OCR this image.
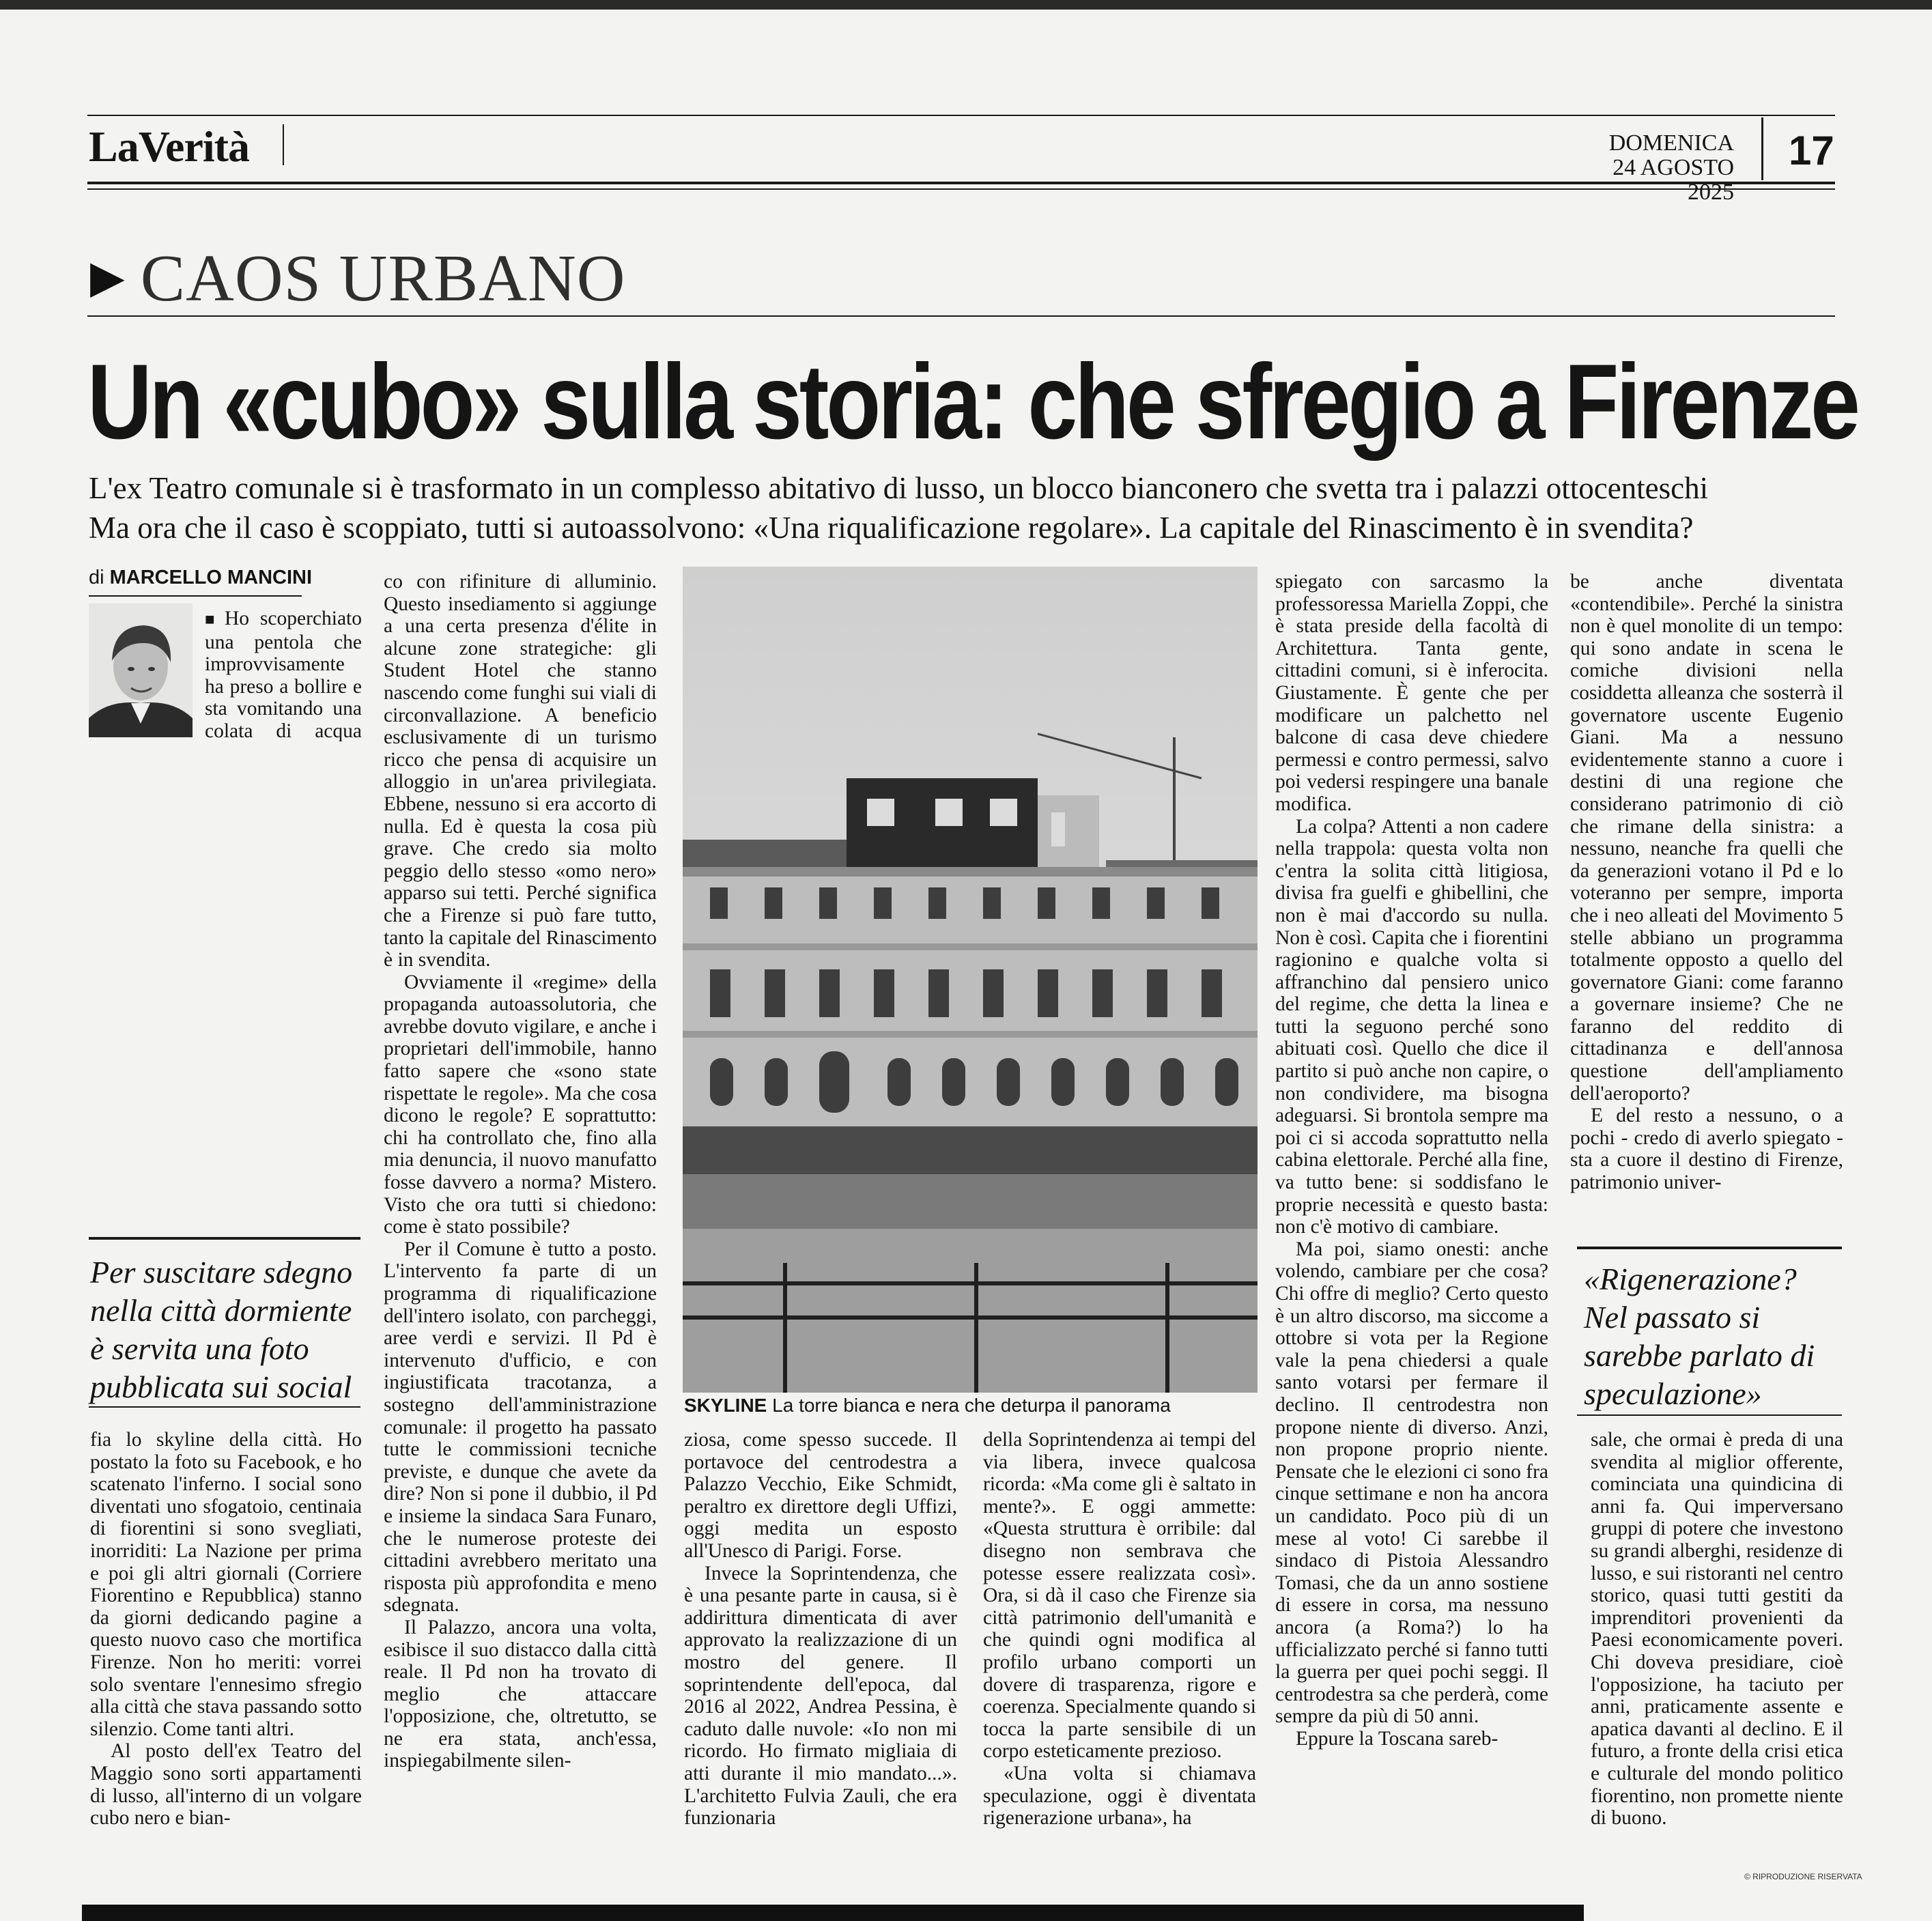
LaVerità	DOMENICA
24 AGOSTO 2025
17
▶ CAOS URBANO
Un «cubo» sulla storia: che sfregio a Firenze
L'ex Teatro comunale si è trasformato in un complesso abitativo di lusso, un blocco bianconero che svetta tra i palazzi ottocenteschi
Ma ora che il caso è scoppiato, tutti si autoassolvono: «Una riqualificazione regolare». La capitale del Rinascimento è in svendita?
di MARCELLO MANCINI

■ Ho scoperchiato una pentola che improvvisamente ha preso a bollire e sta vomitando una colata di acqua

Per suscitare sdegno nella città dormiente è servita una foto pubblicata sui social

fia lo skyline della città. Ho postato la foto su Facebook, e ho scatenato l'inferno. I social sono diventati uno sfogatoio, centinaia di fiorentini si sono svegliati, inorriditi: La Nazione per prima e poi gli altri giornali (Corriere Fiorentino e Repubblica) stanno da giorni dedicando pagine a questo nuovo caso che mortifica Firenze. Non ho meriti: vorrei solo sventare l'ennesimo sfregio alla città che stava passando sotto silenzio. Come tanti altri.

Al posto dell'ex Teatro del Maggio sono sorti appartamenti di lusso, all'interno di un volgare cubo nero e bian-

co con rifiniture di alluminio. Questo insediamento si aggiunge a una certa presenza d'élite in alcune zone strategiche: gli Student Hotel che stanno nascendo come funghi sui viali di circonvallazione. A beneficio esclusivamente di un turismo ricco che pensa di acquisire un alloggio in un'area privilegiata. Ebbene, nessuno si era accorto di nulla. Ed è questa la cosa più grave. Che credo sia molto peggio dello stesso «omo nero» apparso sui tetti. Perché significa che a Firenze si può fare tutto, tanto la capitale del Rinascimento è in svendita.

Ovviamente il «regime» della propaganda autoassolutoria, che avrebbe dovuto vigilare, e anche i proprietari dell'immobile, hanno fatto sapere che «sono state rispettate le regole». Ma che cosa dicono le regole? E soprattutto: chi ha controllato che, fino alla mia denuncia, il nuovo manufatto fosse davvero a norma? Mistero. Visto che ora tutti si chiedono: come è stato possibile?

Per il Comune è tutto a posto. L'intervento fa parte di un programma di riqualificazione dell'intero isolato, con parcheggi, aree verdi e servizi. Il Pd è intervenuto d'ufficio, e con ingiustificata tracotanza, a sostegno dell'amministrazione comunale: il progetto ha passato tutte le commissioni tecniche previste, e dunque che avete da dire? Non si pone il dubbio, il Pd e insieme la sindaca Sara Funaro, che le numerose proteste dei cittadini avrebbero meritato una risposta più approfondita e meno sdegnata.

Il Palazzo, ancora una volta, esibisce il suo distacco dalla città reale. Il Pd non ha trovato di meglio che attaccare l'opposizione, che, oltretutto, se ne era stata, anch'essa, inspiegabilmente silen-

SKYLINE La torre bianca e nera che deturpa il panorama

ziosa, come spesso succede. Il portavoce del centrodestra a Palazzo Vecchio, Eike Schmidt, peraltro ex direttore degli Uffizi, oggi medita un esposto all'Unesco di Parigi. Forse.

Invece la Soprintendenza, che è una pesante parte in causa, si è addirittura dimenticata di aver approvato la realizzazione di un mostro del genere. Il soprintendente dell'epoca, dal 2016 al 2022, Andrea Pessina, è caduto dalle nuvole: «Io non mi ricordo. Ho firmato migliaia di atti durante il mio mandato...». L'architetto Fulvia Zauli, che era funzionaria

della Soprintendenza ai tempi del via libera, invece qualcosa ricorda: «Ma come gli è saltato in mente?». E oggi ammette: «Questa struttura è orribile: dal disegno non sembrava che potesse essere realizzata così». Ora, si dà il caso che Firenze sia città patrimonio dell'umanità e che quindi ogni modifica al profilo urbano comporti un dovere di trasparenza, rigore e coerenza. Specialmente quando si tocca la parte sensibile di un corpo esteticamente prezioso.

«Una volta si chiamava speculazione, oggi è diventata rigenerazione urbana», ha

spiegato con sarcasmo la professoressa Mariella Zoppi, che è stata preside della facoltà di Architettura. Tanta gente, cittadini comuni, si è inferocita. Giustamente. È gente che per modificare un palchetto nel balcone di casa deve chiedere permessi e contro permessi, salvo poi vedersi respingere una banale modifica.

La colpa? Attenti a non cadere nella trappola: questa volta non c'entra la solita città litigiosa, divisa fra guelfi e ghibellini, che non è mai d'accordo su nulla. Non è così. Capita che i fiorentini ragionino e qualche volta si affranchino dal pensiero unico del regime, che detta la linea e tutti la seguono perché sono abituati così. Quello che dice il partito si può anche non capire, o non condividere, ma bisogna adeguarsi. Si brontola sempre ma poi ci si accoda soprattutto nella cabina elettorale. Perché alla fine, va tutto bene: si soddisfano le proprie necessità e questo basta: non c'è motivo di cambiare.

Ma poi, siamo onesti: anche volendo, cambiare per che cosa? Chi offre di meglio? Certo questo è un altro discorso, ma siccome a ottobre si vota per la Regione vale la pena chiedersi a quale santo votarsi per fermare il declino. Il centrodestra non propone niente di diverso. Anzi, non propone proprio niente. Pensate che le elezioni ci sono fra cinque settimane e non ha ancora un candidato. Poco più di un mese al voto! Ci sarebbe il sindaco di Pistoia Alessandro Tomasi, che da un anno sostiene di essere in corsa, ma nessuno ancora (a Roma?) lo ha ufficializzato perché si fanno tutti la guerra per quei pochi seggi. Il centrodestra sa che perderà, come sempre da più di 50 anni.

Eppure la Toscana sareb-

be anche diventata «contendibile». Perché la sinistra non è quel monolite di un tempo: qui sono andate in scena le comiche divisioni nella cosiddetta alleanza che sosterrà il governatore uscente Eugenio Giani. Ma a nessuno evidentemente stanno a cuore i destini di una regione che considerano patrimonio di ciò che rimane della sinistra: a nessuno, neanche fra quelli che da generazioni votano il Pd e lo voteranno per sempre, importa che i neo alleati del Movimento 5 stelle abbiano un programma totalmente opposto a quello del governatore Giani: come faranno a governare insieme? Che ne faranno del reddito di cittadinanza e dell'annosa questione dell'ampliamento dell'aeroporto?

E del resto a nessuno, o a pochi - credo di averlo spiegato - sta a cuore il destino di Firenze, patrimonio univer-

«Rigenerazione? Nel passato si sarebbe parlato di speculazione»

sale, che ormai è preda di una svendita al miglior offerente, cominciata una quindicina di anni fa. Qui imperversano gruppi di potere che investono su grandi alberghi, residenze di lusso, e sui ristoranti nel centro storico, quasi tutti gestiti da imprenditori provenienti da Paesi economicamente poveri. Chi doveva presidiare, cioè l'opposizione, ha taciuto per anni, praticamente assente e apatica davanti al declino. E il futuro, a fronte della crisi etica e culturale del mondo politico fiorentino, non promette niente di buono.

© RIPRODUZIONE RISERVATA
